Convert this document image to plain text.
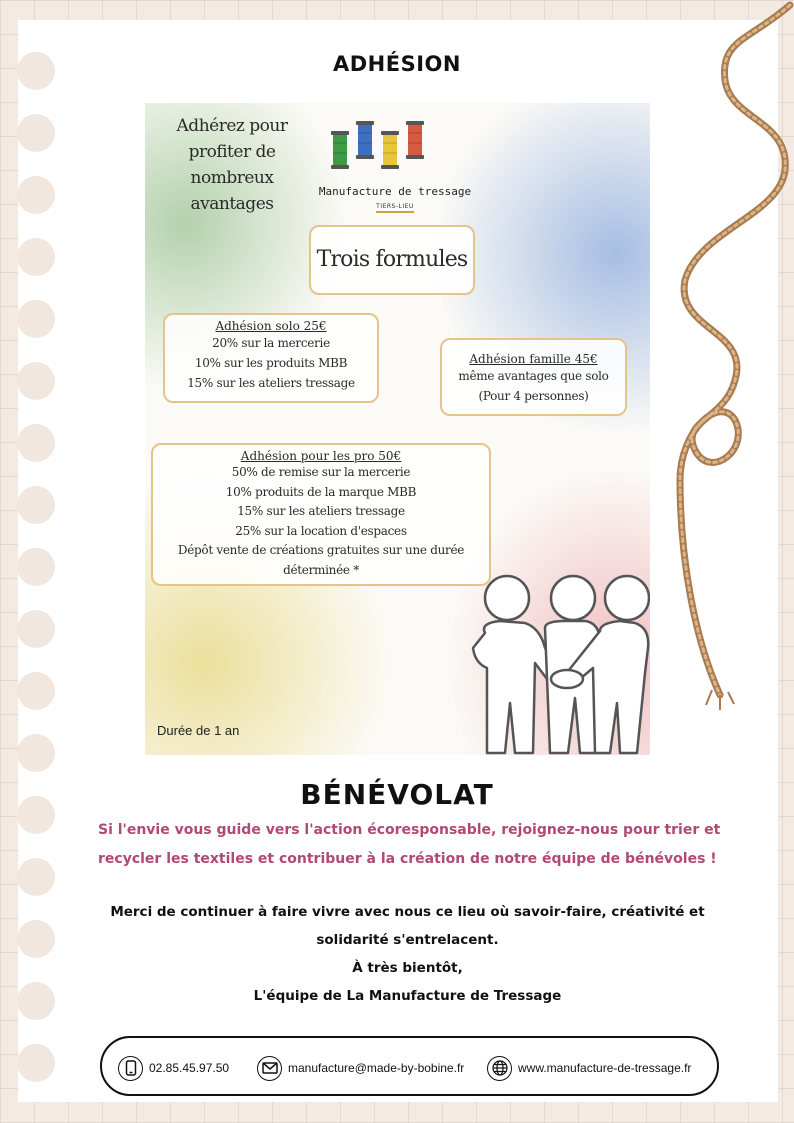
ADHÉSION
Adhérez pour profiter de nombreux avantages
Manufacture de tressage
TIERS-LIEU
Trois formules
Adhésion solo 25€
20% sur la mercerie
10% sur les produits MBB
15% sur les ateliers tressage
Adhésion famille 45€
même avantages que solo
(Pour 4 personnes)
Adhésion pour les pro 50€
50% de remise sur la mercerie
10% produits de la marque MBB
15% sur les ateliers tressage
25% sur la location d'espaces
Dépôt vente de créations gratuites sur une durée déterminée *
Durée de 1 an
BÉNÉVOLAT
Si l'envie vous guide vers l'action écoresponsable, rejoignez-nous pour trier et recycler les textiles et contribuer à la création de notre équipe de bénévoles !
Merci de continuer à faire vivre avec nous ce lieu où savoir-faire, créativité et solidarité s'entrelacent.
À très bientôt,
L'équipe de La Manufacture de Tressage
02.85.45.97.50	manufacture@made-by-bobine.fr	www.manufacture-de-tressage.fr
